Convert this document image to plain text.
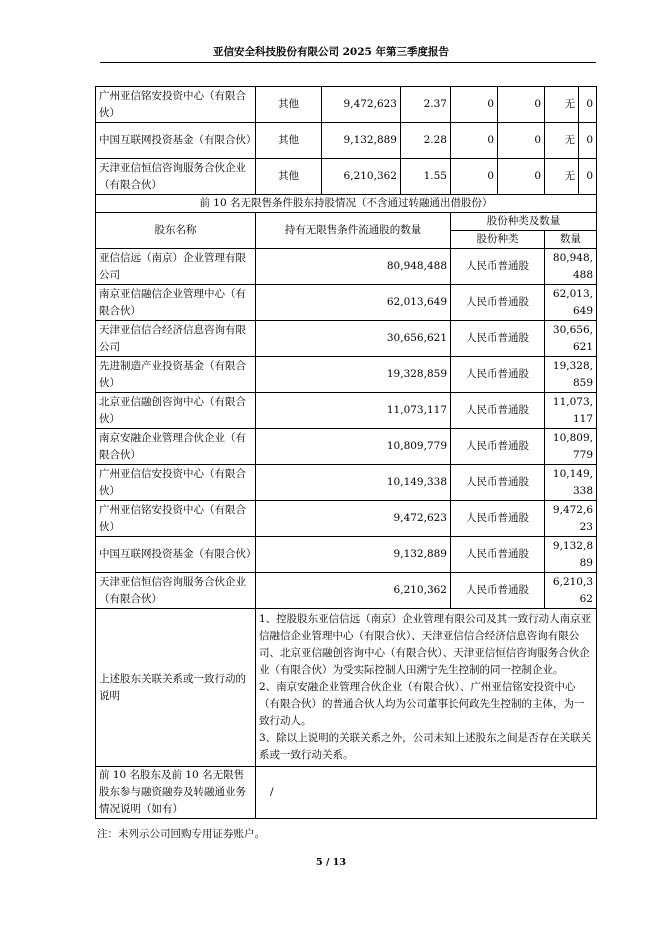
亚信安全科技股份有限公司 2025 年第三季度报告
广州亚信铭安投资中心（有限合伙）	其他	9,472,623	2.37	0	0	无	0
中国互联网投资基金（有限合伙）	其他	9,132,889	2.28	0	0	无	0
天津亚信恒信咨询服务合伙企业（有限合伙）	其他	6,210,362	1.55	0	0	无	0
前 10 名无限售条件股东持股情况（不含通过转融通出借股份）							
股东名称	持有无限售条件流通股的数量			股份种类及数量			
				股份种类		数量	
亚信信远（南京）企业管理有限公司	80,948,488			人民币普通股		80,948,488	
南京亚信融信企业管理中心（有限合伙）	62,013,649			人民币普通股		62,013,649	
天津亚信信合经济信息咨询有限公司	30,656,621			人民币普通股		30,656,621	
先进制造产业投资基金（有限合伙）	19,328,859			人民币普通股		19,328,859	
北京亚信融创咨询中心（有限合伙）	11,073,117			人民币普通股		11,073,117	
南京安融企业管理合伙企业（有限合伙）	10,809,779			人民币普通股		10,809,779	
广州亚信信安投资中心（有限合伙）	10,149,338			人民币普通股		10,149,338	
广州亚信铭安投资中心（有限合伙）	9,472,623			人民币普通股		9,472,623	
中国互联网投资基金（有限合伙）	9,132,889			人民币普通股		9,132,889	
天津亚信恒信咨询服务合伙企业（有限合伙）	6,210,362			人民币普通股		6,210,362	
上述股东关联关系或一致行动的说明	1、控股股东亚信信远（南京）企业管理有限公司及其一致行动人南京亚信融信企业管理中心（有限合伙）、天津亚信信合经济信息咨询有限公司、北京亚信融创咨询中心（有限合伙）、天津亚信恒信咨询服务合伙企业（有限合伙）为受实际控制人田溯宁先生控制的同一控制企业。
2、南京安融企业管理合伙企业（有限合伙）、广州亚信铭安投资中心（有限合伙）的普通合伙人均为公司董事长何政先生控制的主体，为一致行动人。
3、除以上说明的关联关系之外，公司未知上述股东之间是否存在关联关系或一致行动关系。						

前 10 名股东及前 10 名无限售股东参与融资融券及转融通业务情况说明（如有）	/						
注：未列示公司回购专用证券账户。
5 / 13
